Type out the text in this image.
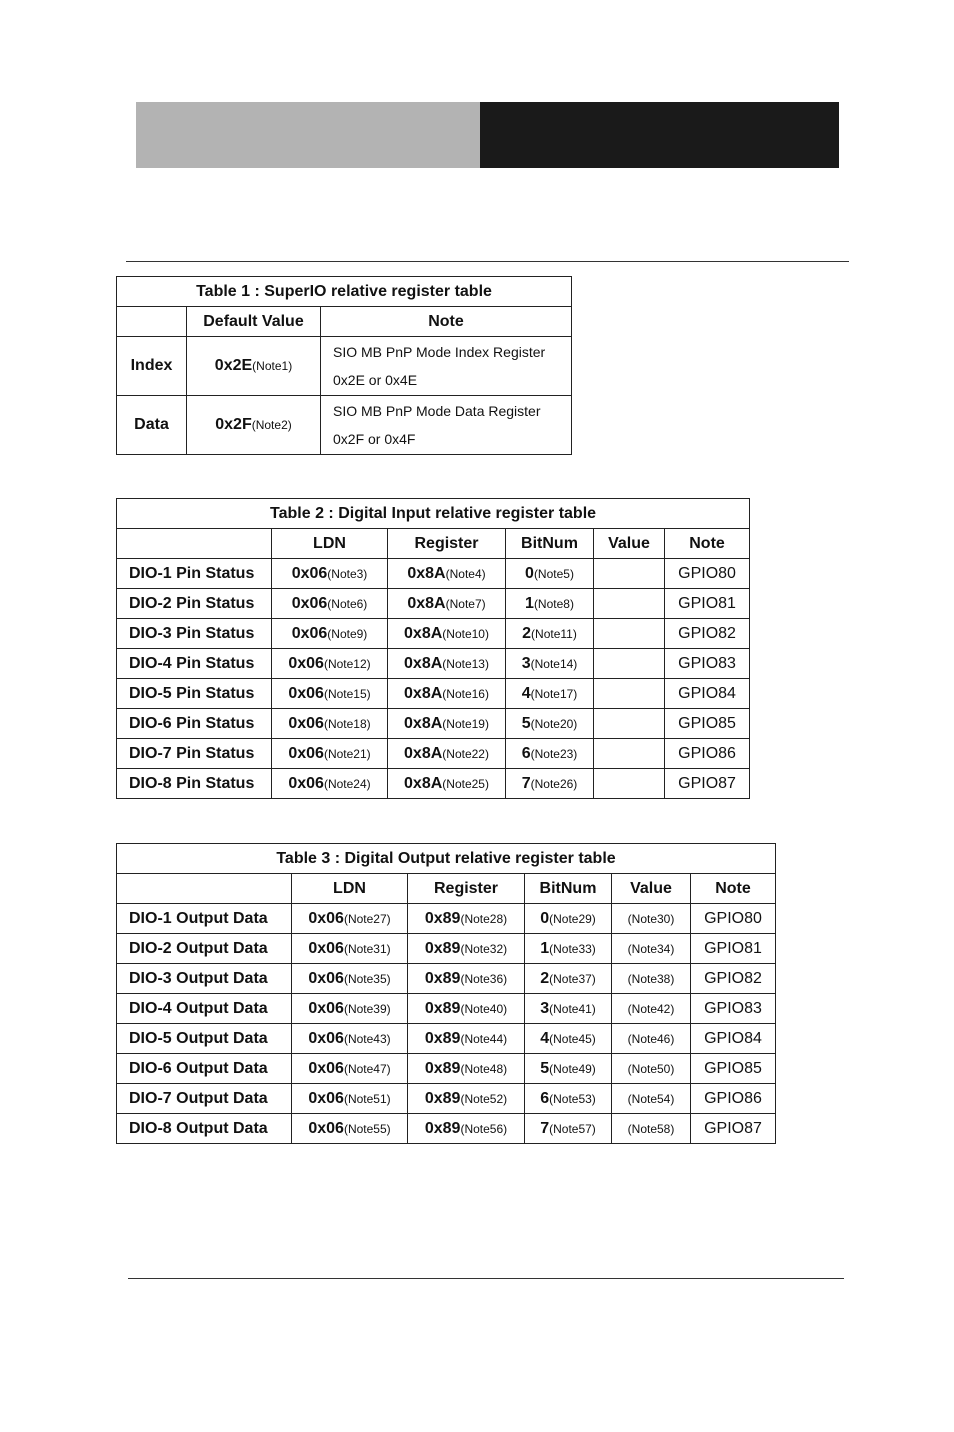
Table 1 : SuperIO relative register table		
	Default Value	Note
Index	0x2E(Note1)	SIO MB PnP Mode Index Register
0x2E or 0x4E

Data	0x2F(Note2)	SIO MB PnP Mode Data Register
0x2F or 0x4F
Table 2 : Digital Input relative register table					
	LDN	Register	BitNum	Value	Note
DIO-1 Pin Status	0x06(Note3)	0x8A(Note4)	0(Note5)		GPIO80
DIO-2 Pin Status	0x06(Note6)	0x8A(Note7)	1(Note8)		GPIO81
DIO-3 Pin Status	0x06(Note9)	0x8A(Note10)	2(Note11)		GPIO82
DIO-4 Pin Status	0x06(Note12)	0x8A(Note13)	3(Note14)		GPIO83
DIO-5 Pin Status	0x06(Note15)	0x8A(Note16)	4(Note17)		GPIO84
DIO-6 Pin Status	0x06(Note18)	0x8A(Note19)	5(Note20)		GPIO85
DIO-7 Pin Status	0x06(Note21)	0x8A(Note22)	6(Note23)		GPIO86
DIO-8 Pin Status	0x06(Note24)	0x8A(Note25)	7(Note26)		GPIO87
Table 3 : Digital Output relative register table					
	LDN	Register	BitNum	Value	Note
DIO-1 Output Data	0x06(Note27)	0x89(Note28)	0(Note29)	(Note30)	GPIO80
DIO-2 Output Data	0x06(Note31)	0x89(Note32)	1(Note33)	(Note34)	GPIO81
DIO-3 Output Data	0x06(Note35)	0x89(Note36)	2(Note37)	(Note38)	GPIO82
DIO-4 Output Data	0x06(Note39)	0x89(Note40)	3(Note41)	(Note42)	GPIO83
DIO-5 Output Data	0x06(Note43)	0x89(Note44)	4(Note45)	(Note46)	GPIO84
DIO-6 Output Data	0x06(Note47)	0x89(Note48)	5(Note49)	(Note50)	GPIO85
DIO-7 Output Data	0x06(Note51)	0x89(Note52)	6(Note53)	(Note54)	GPIO86
DIO-8 Output Data	0x06(Note55)	0x89(Note56)	7(Note57)	(Note58)	GPIO87
